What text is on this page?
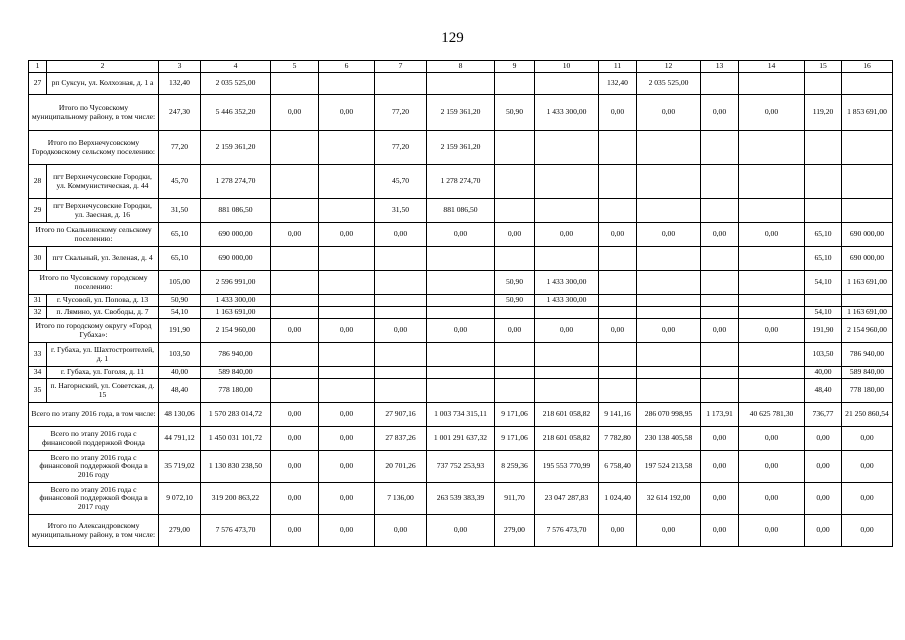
129
1	2	3	4	5	6	7	8	9	10	11	12	13	14	15	16
27	рп Суксун, ул. Колхозная, д. 1 а	132,40	2 035 525,00							132,40	2 035 525,00				
Итого по Чусовскому муниципальному району, в том числе:		247,30	5 446 352,20	0,00	0,00	77,20	2 159 361,20	50,90	1 433 300,00	0,00	0,00	0,00	0,00	119,20	1 853 691,00
Итого по Верхнечусовскому Городковскому сельскому поселению:		77,20	2 159 361,20			77,20	2 159 361,20								
28	пгт Верхнечусовские Городки, ул. Коммунистическая, д. 44	45,70	1 278 274,70			45,70	1 278 274,70								
29	пгт Верхнечусовские Городки, ул. Заесная, д. 16	31,50	881 086,50			31,50	881 086,50								
Итого по Скальнинскому сельскому поселению:		65,10	690 000,00	0,00	0,00	0,00	0,00	0,00	0,00	0,00	0,00	0,00	0,00	65,10	690 000,00
30	пгт Скальный, ул. Зеленая, д. 4	65,10	690 000,00											65,10	690 000,00
Итого по Чусовскому городскому поселению:		105,00	2 596 991,00					50,90	1 433 300,00					54,10	1 163 691,00
31	г. Чусовой, ул. Попова, д. 13	50,90	1 433 300,00					50,90	1 433 300,00						
32	п. Лямино, ул. Свободы, д. 7	54,10	1 163 691,00											54,10	1 163 691,00
Итого по городскому округу «Город Губаха»:		191,90	2 154 960,00	0,00	0,00	0,00	0,00	0,00	0,00	0,00	0,00	0,00	0,00	191,90	2 154 960,00
33	г. Губаха, ул. Шахтостроителей, д. 1	103,50	786 940,00											103,50	786 940,00
34	г. Губаха, ул. Гоголя, д. 11	40,00	589 840,00											40,00	589 840,00
35	п. Нагорнский, ул. Советская, д. 15	48,40	778 180,00											48,40	778 180,00
Всего по этапу 2016 года, в том числе:		48 130,06	1 570 283 014,72	0,00	0,00	27 907,16	1 003 734 315,11	9 171,06	218 601 058,82	9 141,16	286 070 998,95	1 173,91	40 625 781,30	736,77	21 250 860,54
Всего по этапу 2016 года с финансовой поддержкой Фонда		44 791,12	1 450 031 101,72	0,00	0,00	27 837,26	1 001 291 637,32	9 171,06	218 601 058,82	7 782,80	230 138 405,58	0,00	0,00	0,00	0,00
Всего по этапу 2016 года с финансовой поддержкой Фонда в 2016 году		35 719,02	1 130 830 238,50	0,00	0,00	20 701,26	737 752 253,93	8 259,36	195 553 770,99	6 758,40	197 524 213,58	0,00	0,00	0,00	0,00
Всего по этапу 2016 года с финансовой поддержкой Фонда в 2017 году		9 072,10	319 200 863,22	0,00	0,00	7 136,00	263 539 383,39	911,70	23 047 287,83	1 024,40	32 614 192,00	0,00	0,00	0,00	0,00
Итого по Александровскому муниципальному району, в том числе:		279,00	7 576 473,70	0,00	0,00	0,00	0,00	279,00	7 576 473,70	0,00	0,00	0,00	0,00	0,00	0,00
